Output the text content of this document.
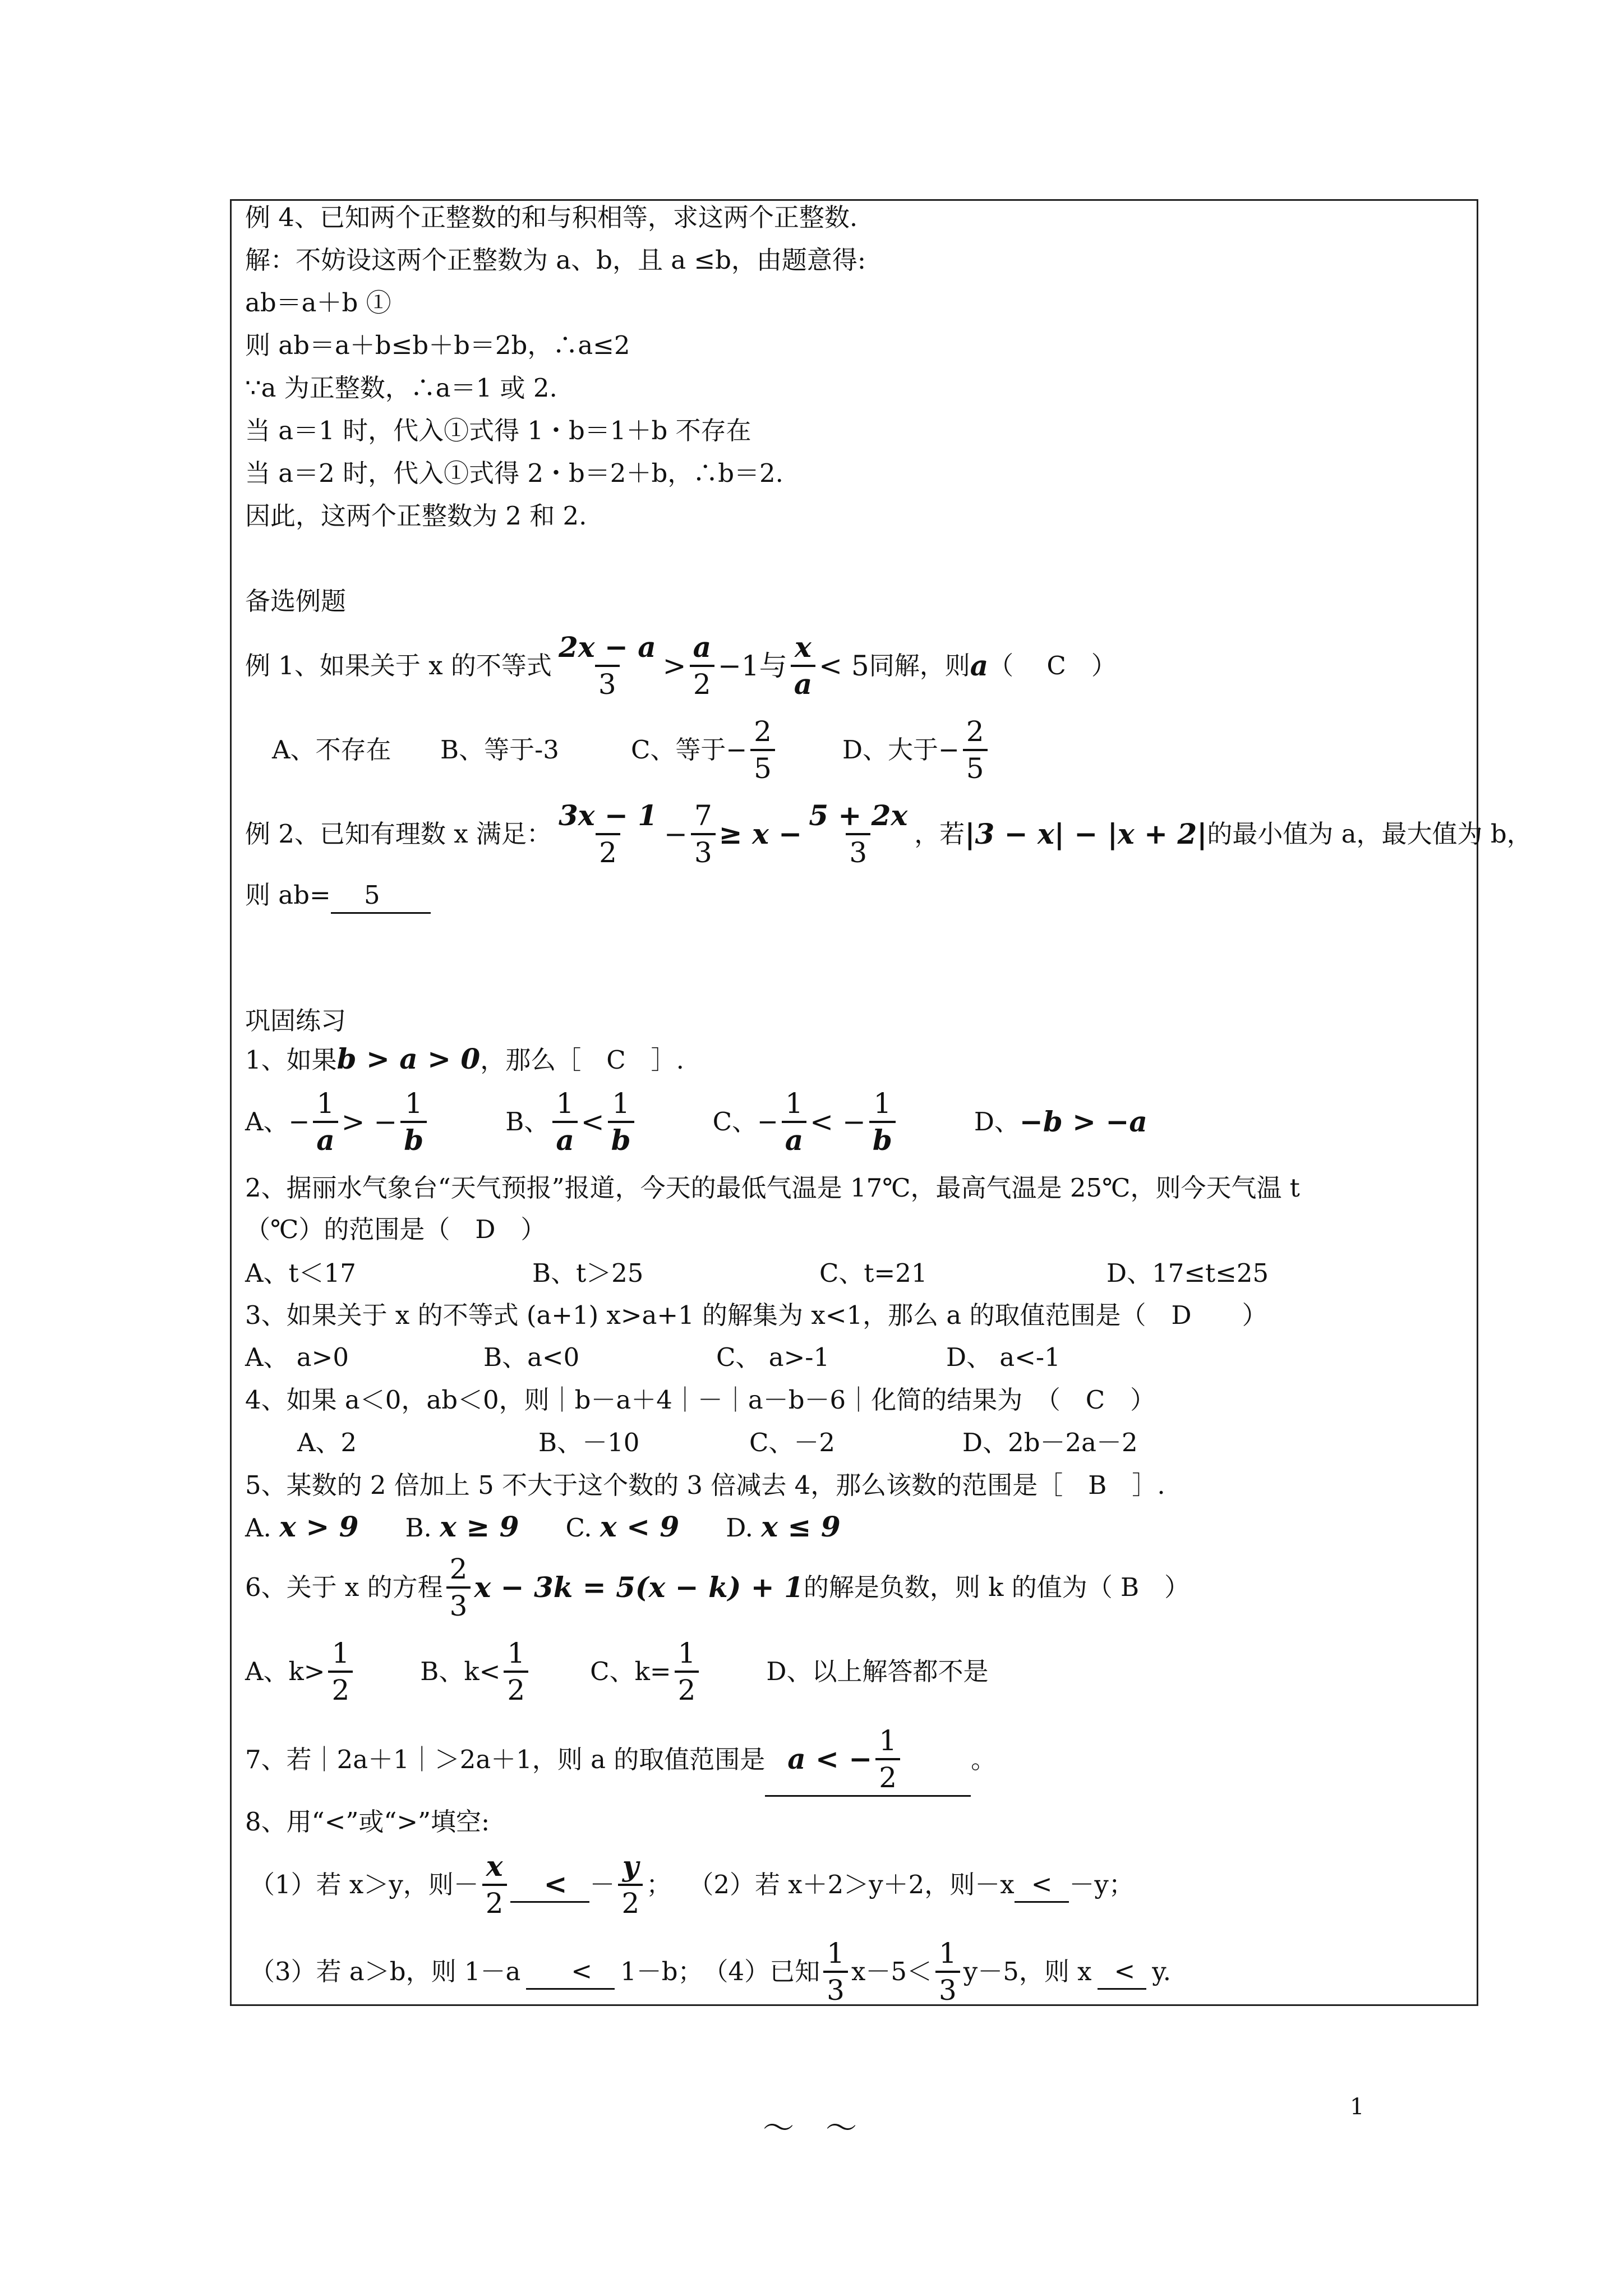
例 4、已知两个正整数的和与积相等，求这两个正整数.
解：不妨设这两个正整数为 a、b，且 a ≤b，由题意得:
ab＝a＋b ①
则 ab＝a＋b≤b＋b＝2b，∴a≤2
∵a 为正整数，∴a＝1 或 2.
当 a＝1 时，代入①式得 1・b＝1＋b 不存在
当 a＝2 时，代入①式得 2・b＝2＋b，∴b＝2.
因此，这两个正整数为 2 和 2.
备选例题
例 1、如果关于 x 的不等式 $\frac{2x - a}{3} > \frac{a}{2} -1$与 $\frac{x}{a} < 5$ 同解，则 a （　 C　）
A、不存在	B、等于-3	C、等于− $\frac{2}{5}$	D、大于− $\frac{2}{5}$
例 2、已知有理数 x 满足： $\frac{3x - 1}{2} - \frac{7}{3} \ge x - \frac{5 + 2x}{3}$ ，若 |3 − x| − |x + 2| 的最小值为 a，最大值为 b，
则 ab=　 5　　
巩固练习
1、如果b > a > 0，那么［　C　］.
A、− $\frac{1}{a}$ > − $\frac{1}{b}$	B、 $\frac{1}{a} < \frac{1}{b}$	C、− $\frac{1}{a}$ < − $\frac{1}{b}$	D、 −b > −a
2、据丽水气象台“天气预报”报道，今天的最低气温是 17℃，最高气温是 25℃，则今天气温 t
（℃）的范围是（　D　）
A、t＜17	B、t＞25	C、t=21	D、17≤t≤25
3、如果关于 x 的不等式 (a+1) x>a+1 的解集为 x<1，那么 a 的取值范围是（　D　　）
A、 a>0	B、a<0	C、 a>-1	D、 a<-1
4、如果 a＜0，ab＜0，则｜b－a＋4｜－｜a－b－6｜化简的结果为　（　C　）
A、2	B、－10	C、－2	D、2b－2a－2
5、某数的 2 倍加上 5 不大于这个数的 3 倍减去 4，那么该数的范围是［　B　］.
A. x > 9 B. x ≥ 9 C. x < 9 D. x ≤ 9
6、关于 x 的方程 $\frac{2}{3}$ x − 3k = 5(x − k) + 1 的解是负数，则 k 的值为（ B　）
A、$k> \frac{1}{2}$	B、$k< \frac{1}{2}$ C、$k= \frac{1}{2}$	D、以上解答都不是
7、若｜2a＋1｜＞2a＋1，则 a 的取值范围是 a < − $\frac{1}{2}$	。
8、用“<”或“>”填空:
（1）若 x＞y，则－ $\frac{x}{2}$	< － $\frac{y}{2}$ ； （2）若 x＋2＞y＋2，则－x < －y；
（3）若 a＞b，则 1－a	<	1－b； （4）已知 $\frac{1}{3} x-5< \frac{1}{3} y-5$，则 x < y.
～　～
1
